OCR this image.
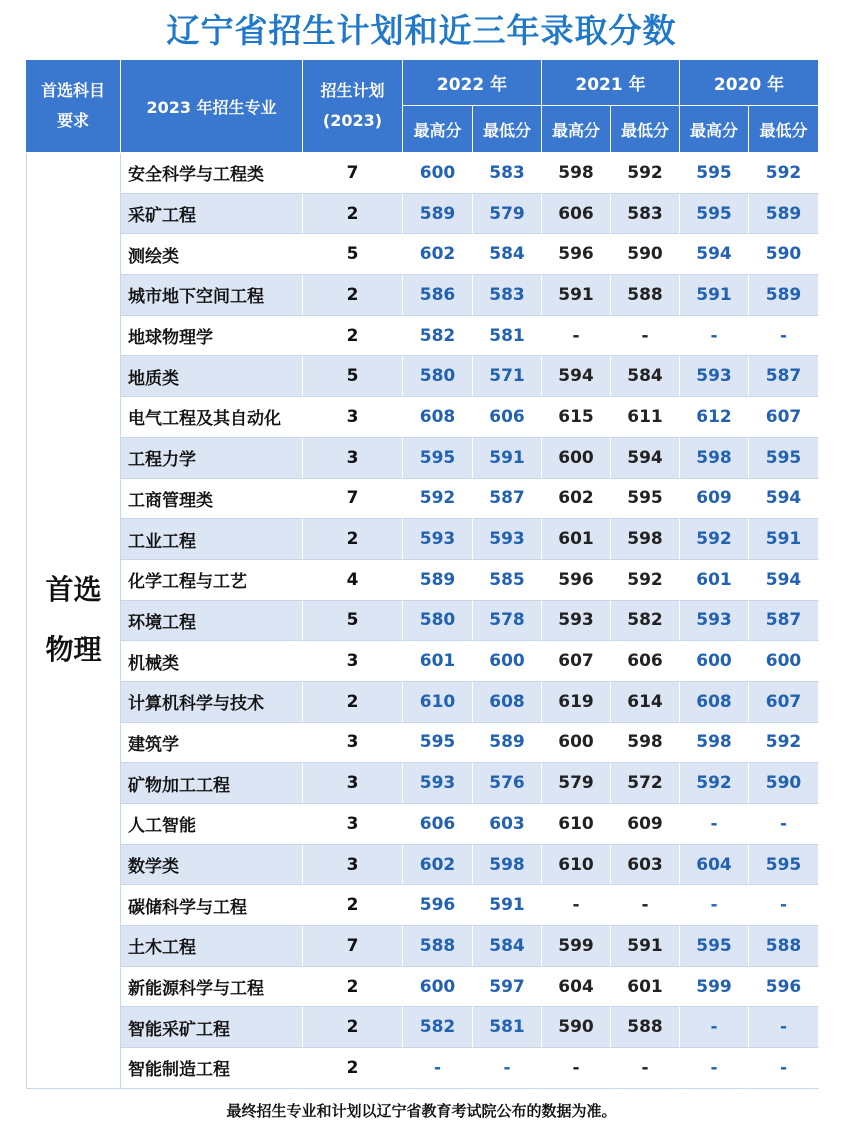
辽宁省招生计划和近三年录取分数
首选科目
要求
2023 年招生专业
招生计划
(2023)
2022 年	2021 年	2020 年
最高分	最低分	最高分	最低分	最高分	最低分
首选
物理
安全科学与工程类	7	600	583	598	592	595	592
采矿工程	2	589	579	606	583	595	589
测绘类	5	602	584	596	590	594	590
城市地下空间工程	2	586	583	591	588	591	589
地球物理学	2	582	581	-	-	-	-
地质类	5	580	571	594	584	593	587
电气工程及其自动化	3	608	606	615	611	612	607
工程力学	3	595	591	600	594	598	595
工商管理类	7	592	587	602	595	609	594
工业工程	2	593	593	601	598	592	591
化学工程与工艺	4	589	585	596	592	601	594
环境工程	5	580	578	593	582	593	587
机械类	3	601	600	607	606	600	600
计算机科学与技术	2	610	608	619	614	608	607
建筑学	3	595	589	600	598	598	592
矿物加工工程	3	593	576	579	572	592	590
人工智能	3	606	603	610	609	-	-
数学类	3	602	598	610	603	604	595
碳储科学与工程	2	596	591	-	-	-	-
土木工程	7	588	584	599	591	595	588
新能源科学与工程	2	600	597	604	601	599	596
智能采矿工程	2	582	581	590	588	-	-
智能制造工程	2	-	-	-	-	-	-
最终招生专业和计划以辽宁省教育考试院公布的数据为准。
